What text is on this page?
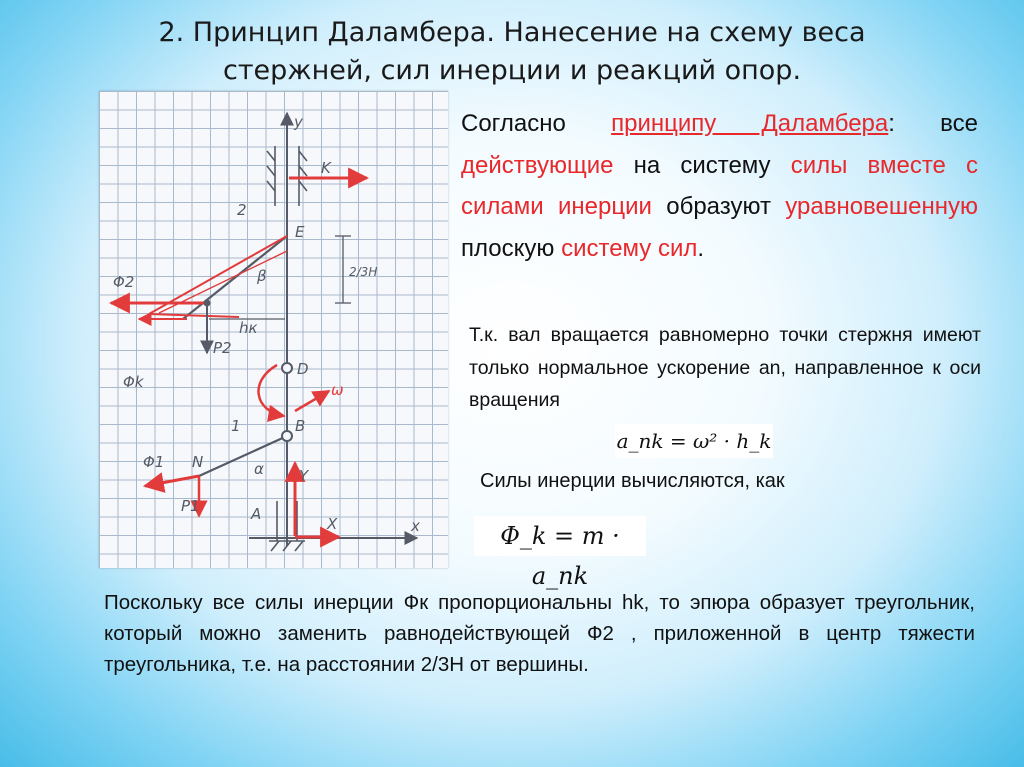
2. Принцип Даламбера. Нанесение на схему веса
стержней, сил инерции и реакций опор.
y
x
K
E
D
B
A
N
2
1
β
α
ω
hк
2/3H
Φ2
Φk
Φ1
P2
P1
Y
X
Согласно принципу Даламбера: все действующие на систему силы вместе с силами инерции образуют уравновешенную плоскую систему сил.
Т.к. вал вращается равномерно точки стержня имеют только нормальное ускорение an, направленное к оси вращения
a_nk = ω² · h_k
Силы инерции вычисляются, как
Φ_k = m · a_nk
Поскольку все силы инерции Фк пропорциональны hk, то эпюра образует треугольник, который можно заменить равнодействующей Ф2 , приложенной в центр тяжести треугольника, т.е. на расстоянии 2/3Н от вершины.
